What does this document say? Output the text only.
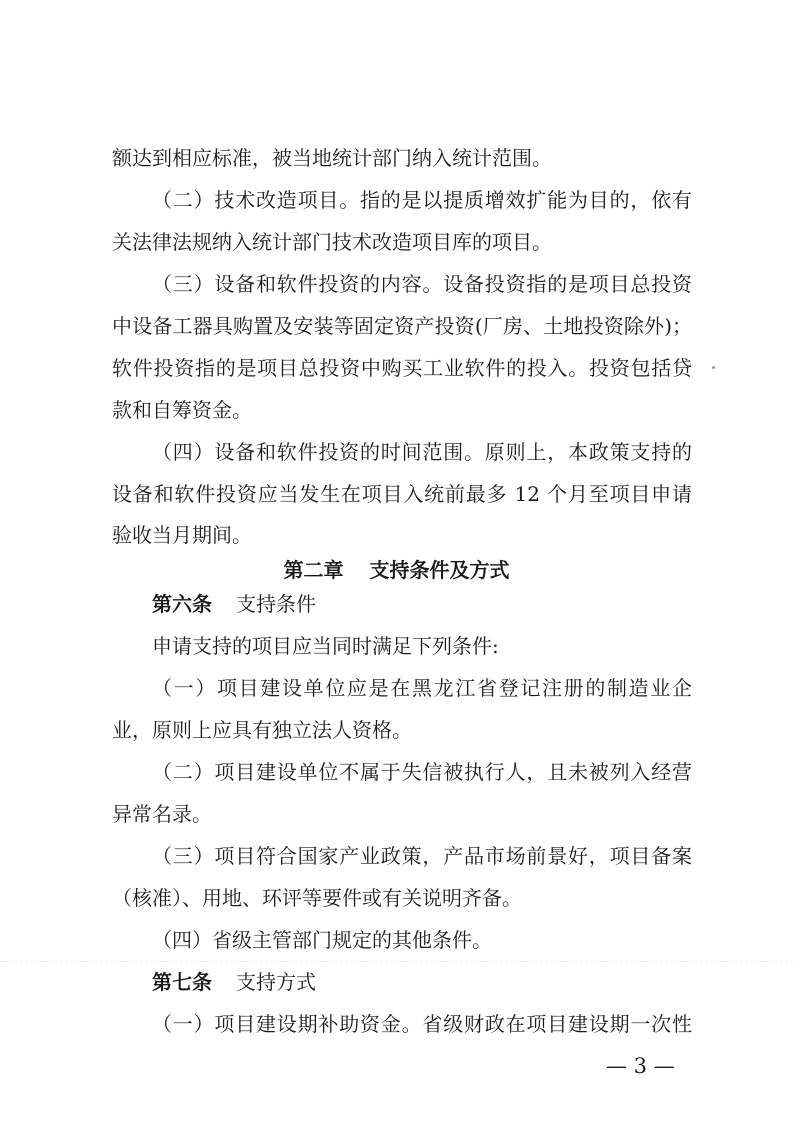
额达到相应标准，被当地统计部门纳入统计范围。
（二）技术改造项目。指的是以提质增效扩能为目的，依有
关法律法规纳入统计部门技术改造项目库的项目。
（三）设备和软件投资的内容。设备投资指的是项目总投资
中设备工器具购置及安装等固定资产投资(厂房、土地投资除外)；
软件投资指的是项目总投资中购买工业软件的投入。投资包括贷
款和自筹资金。
（四）设备和软件投资的时间范围。原则上，本政策支持的
设备和软件投资应当发生在项目入统前最多 12 个月至项目申请
验收当月期间。
第二章 支持条件及方式
第六条 支持条件
申请支持的项目应当同时满足下列条件:
（一）项目建设单位应是在黑龙江省登记注册的制造业企
业，原则上应具有独立法人资格。
（二）项目建设单位不属于失信被执行人，且未被列入经营
异常名录。
（三）项目符合国家产业政策，产品市场前景好，项目备案
（核准）、用地、环评等要件或有关说明齐备。
（四）省级主管部门规定的其他条件。
第七条 支持方式
（一）项目建设期补助资金。省级财政在项目建设期一次性
— 3 —
